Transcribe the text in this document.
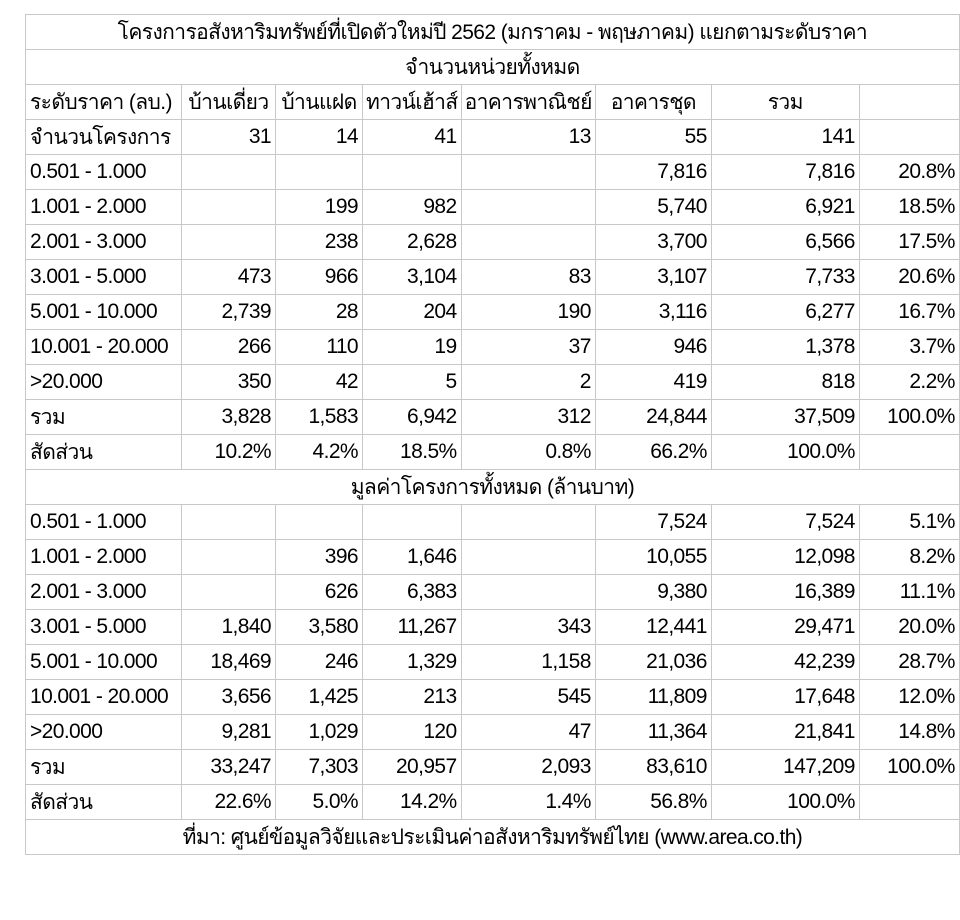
โครงการอสังหาริมทรัพย์ที่เปิดตัวใหม่ปี 2562 (มกราคม - พฤษภาคม) แยกตามระดับราคา							
จำนวนหน่วยทั้งหมด							
ระดับราคา (ลบ.)	บ้านเดี่ยว	บ้านแฝด	ทาวน์เฮ้าส์	อาคารพาณิชย์	อาคารชุด	รวม	
จำนวนโครงการ	31	14	41	13	55	141	
0.501 - 1.000					7,816	7,816	20.8%
1.001 - 2.000		199	982		5,740	6,921	18.5%
2.001 - 3.000		238	2,628		3,700	6,566	17.5%
3.001 - 5.000	473	966	3,104	83	3,107	7,733	20.6%
5.001 - 10.000	2,739	28	204	190	3,116	6,277	16.7%
10.001 - 20.000	266	110	19	37	946	1,378	3.7%
>20.000	350	42	5	2	419	818	2.2%
รวม	3,828	1,583	6,942	312	24,844	37,509	100.0%
สัดส่วน	10.2%	4.2%	18.5%	0.8%	66.2%	100.0%	
มูลค่าโครงการทั้งหมด (ล้านบาท)							
0.501 - 1.000					7,524	7,524	5.1%
1.001 - 2.000		396	1,646		10,055	12,098	8.2%
2.001 - 3.000		626	6,383		9,380	16,389	11.1%
3.001 - 5.000	1,840	3,580	11,267	343	12,441	29,471	20.0%
5.001 - 10.000	18,469	246	1,329	1,158	21,036	42,239	28.7%
10.001 - 20.000	3,656	1,425	213	545	11,809	17,648	12.0%
>20.000	9,281	1,029	120	47	11,364	21,841	14.8%
รวม	33,247	7,303	20,957	2,093	83,610	147,209	100.0%
สัดส่วน	22.6%	5.0%	14.2%	1.4%	56.8%	100.0%	
ที่มา: ศูนย์ข้อมูลวิจัยและประเมินค่าอสังหาริมทรัพย์ไทย (www.area.co.th)							
